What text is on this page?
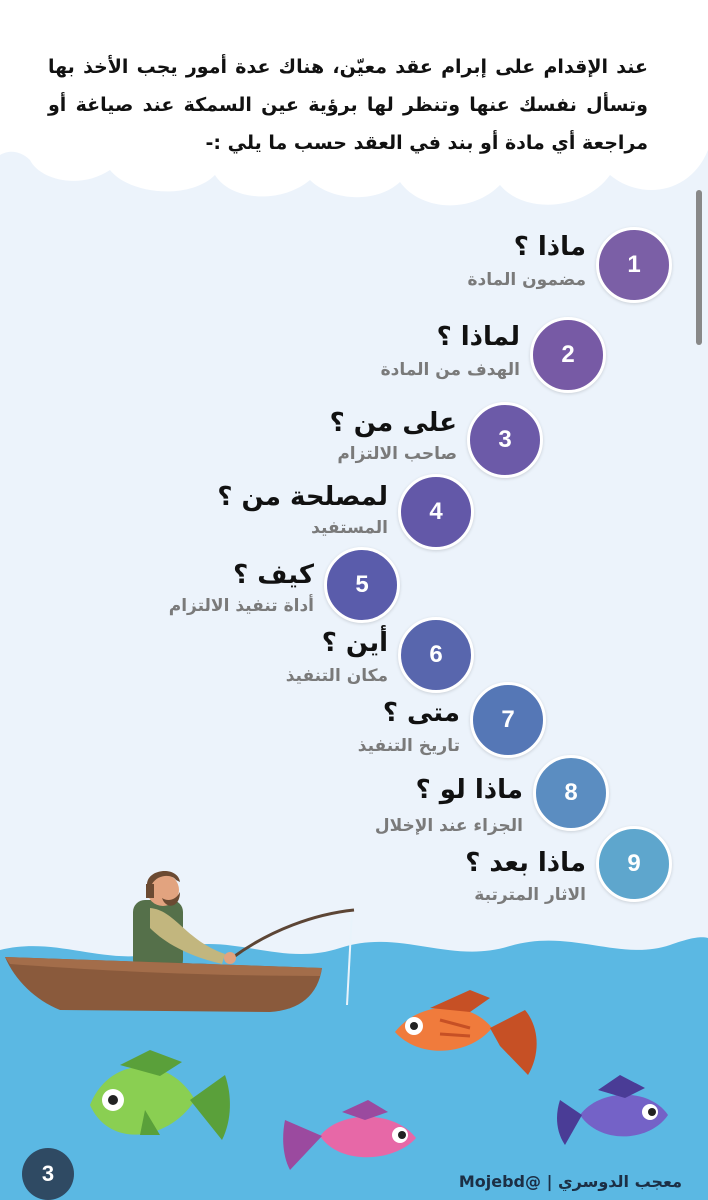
عند الإقدام على إبرام عقد معيّن، هناك عدة أمور يجب الأخذ بها وتسأل نفسك عنها وتنظر لها برؤية عين السمكة عند صياغة أو مراجعة أي مادة أو بند في العقد حسب ما يلي :-

1
ماذا ؟
مضمون المادة
2
لماذا ؟
الهدف من المادة
3
على من ؟
صاحب الالتزام
4
لمصلحة من ؟
المستفيد
5
كيف ؟
أداة تنفيذ الالتزام
6
أين ؟
مكان التنفيذ
7
متى ؟
تاريخ التنفيذ
8
ماذا لو ؟
الجزاء عند الإخلال
9
ماذا بعد ؟
الاثار المترتبة
3	معجب الدوسري | @Mojebd
